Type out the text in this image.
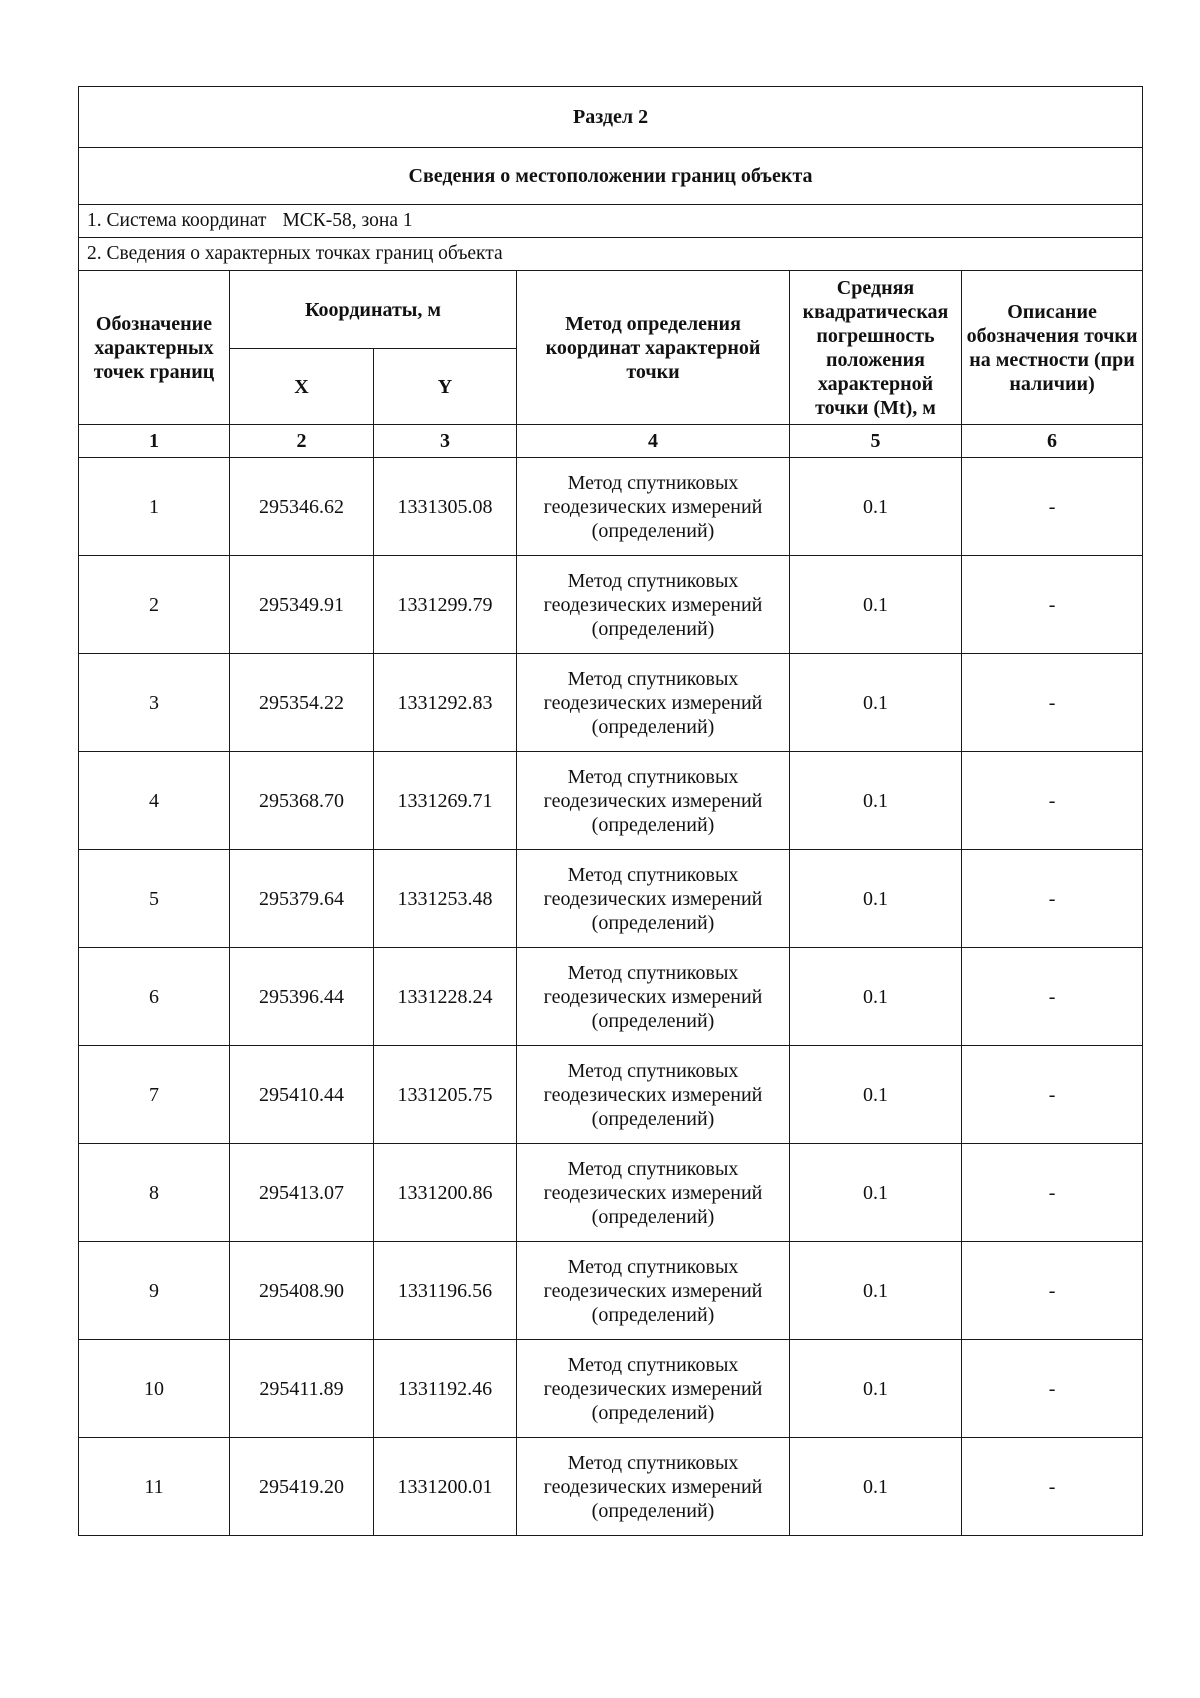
Раздел 2					
Сведения о местоположении границ объекта					
1. Система координат МСК-58, зона 1					
2. Сведения о характерных точках границ объекта					
Обозначение характерных точек границ	Координаты, м		Метод определения координат характерной точки	Средняя квадратическая погрешность положения характерной точки (Mt), м	Описание обозначения точки на местности (при наличии)
	X	Y			
1	2	3	4	5	6
1	295346.62	1331305.08	Метод спутниковых геодезических измерений (определений)	0.1	-
2	295349.91	1331299.79	Метод спутниковых геодезических измерений (определений)	0.1	-
3	295354.22	1331292.83	Метод спутниковых геодезических измерений (определений)	0.1	-
4	295368.70	1331269.71	Метод спутниковых геодезических измерений (определений)	0.1	-
5	295379.64	1331253.48	Метод спутниковых геодезических измерений (определений)	0.1	-
6	295396.44	1331228.24	Метод спутниковых геодезических измерений (определений)	0.1	-
7	295410.44	1331205.75	Метод спутниковых геодезических измерений (определений)	0.1	-
8	295413.07	1331200.86	Метод спутниковых геодезических измерений (определений)	0.1	-
9	295408.90	1331196.56	Метод спутниковых геодезических измерений (определений)	0.1	-
10	295411.89	1331192.46	Метод спутниковых геодезических измерений (определений)	0.1	-
11	295419.20	1331200.01	Метод спутниковых геодезических измерений (определений)	0.1	-
